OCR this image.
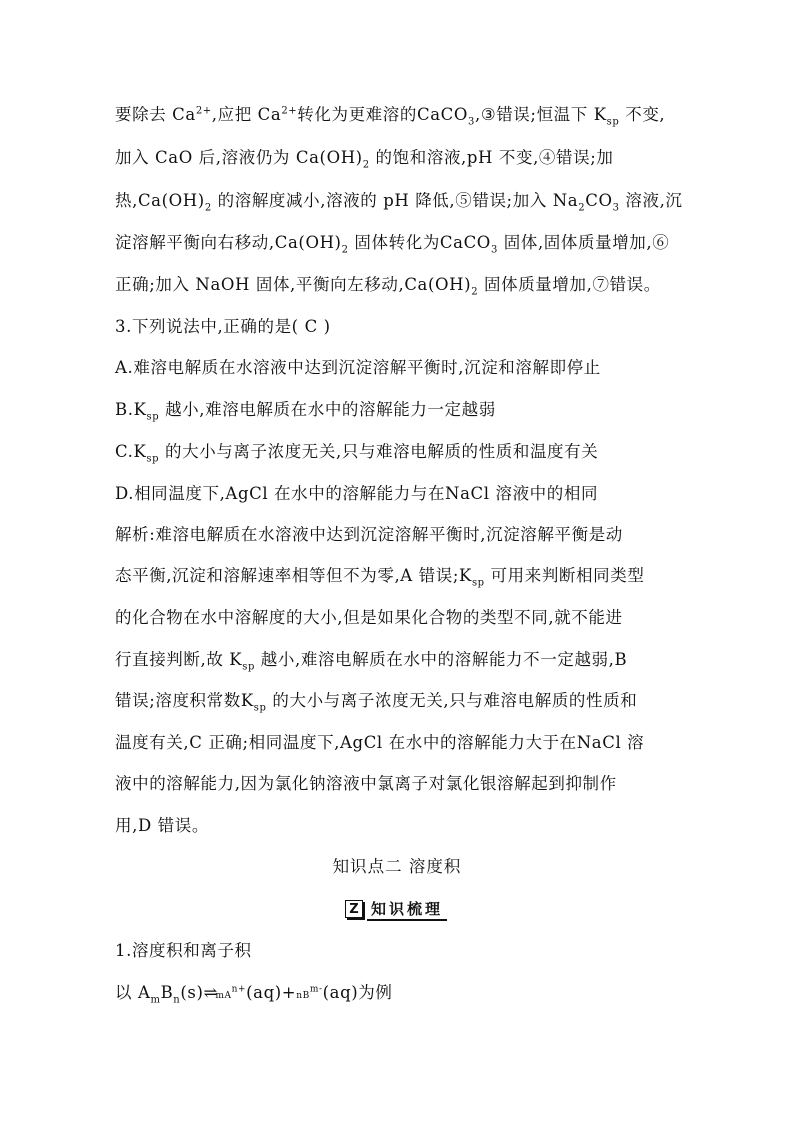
要除去 $Ca^{2+}$,应把 $Ca^{2+}$转化为更难溶的CaCO$_3$,③错误;恒温下 $K_{sp}$ 不变,
加入 CaO 后,溶液仍为 $Ca(OH)_2$ 的饱和溶液,pH 不变,④错误;加
热$,Ca(OH)_2$ 的溶解度减小,溶液的 pH 降低,⑤错误;加入 $Na_2CO_3$ 溶液,沉
淀溶解平衡向右移动$,Ca(OH)_2$ 固体转化为CaCO$_3$ 固体,固体质量增加,⑥
正确;加入 NaOH 固体,平衡向左移动$,Ca(OH)_2$ 固体质量增加,⑦错误。
3.下列说法中,正确的是( C )
A.难溶电解质在水溶液中达到沉淀溶解平衡时,沉淀和溶解即停止
$B.K_{sp}$ 越小,难溶电解质在水中的溶解能力一定越弱
$C.K_{sp}$ 的大小与离子浓度无关,只与难溶电解质的性质和温度有关
D.相同温度下,AgCl 在水中的溶解能力与在NaCl 溶液中的相同
解析:难溶电解质在水溶液中达到沉淀溶解平衡时,沉淀溶解平衡是动
态平衡,沉淀和溶解速率相等但不为零,A 错误$;K_{sp}$ 可用来判断相同类型
的化合物在水中溶解度的大小,但是如果化合物的类型不同,就不能进
行直接判断,故 $K_{sp}$ 越小,难溶电解质在水中的溶解能力不一定越弱,B
错误;溶度积常数$K_{sp}$ 的大小与离子浓度无关,只与难溶电解质的性质和
温度有关,C 正确;相同温度下,AgCl 在水中的溶解能力大于在NaCl 溶
液中的溶解能力,因为氯化钠溶液中氯离子对氯化银溶解起到抑制作
用,D 错误。
知识点二 溶度积
Z 知识梳理
1.溶度积和离子积
以 $A_mB_n(s)\rightleftharpoons mA^{n+}(aq)+nB^{m-}(aq)$为例
